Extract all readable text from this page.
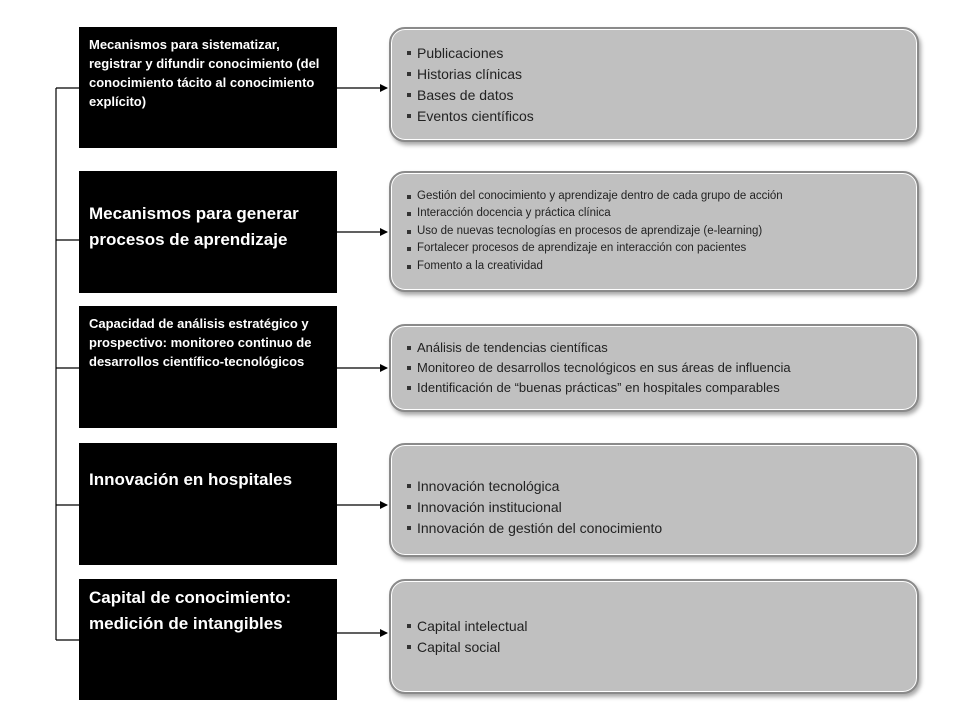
Mecanismos para sistematizar, registrar y difundir conocimiento (del conocimiento tácito al conocimiento explícito)
Publicaciones
Historias clínicas
Bases de datos
Eventos científicos
Mecanismos para generar procesos de aprendizaje
Gestión del conocimiento y aprendizaje dentro de cada grupo de acción
Interacción docencia y práctica clínica
Uso de nuevas tecnologías en procesos de aprendizaje (e-learning)
Fortalecer procesos de aprendizaje en interacción con pacientes
Fomento a la creatividad
Capacidad de análisis estratégico y prospectivo: monitoreo continuo de desarrollos científico-tecnológicos
Análisis de tendencias científicas
Monitoreo de desarrollos tecnológicos en sus áreas de influencia
Identificación de “buenas prácticas” en hospitales comparables
Innovación en hospitales	Innovación tecnológica
Innovación institucional
Innovación de gestión del conocimiento
Capital de conocimiento: medición de intangibles	Capital intelectual
Capital social
